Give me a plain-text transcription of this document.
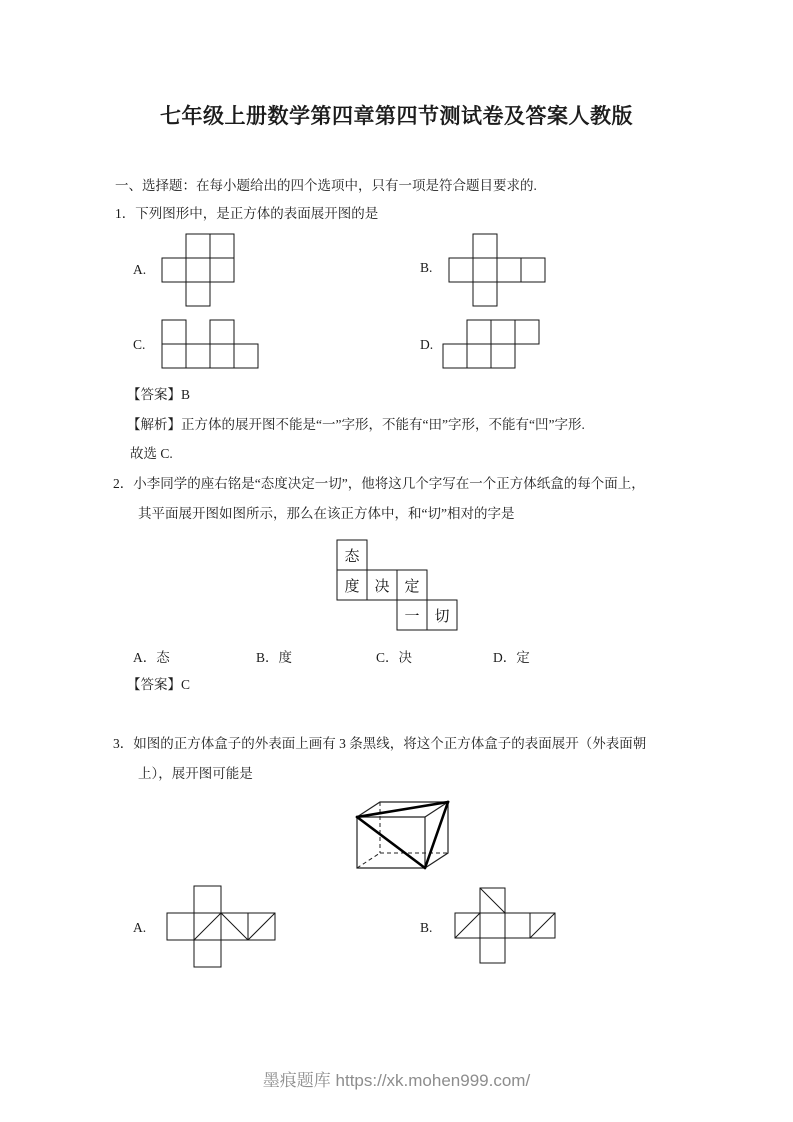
七年级上册数学第四章第四节测试卷及答案人教版
一、选择题：在每小题给出的四个选项中，只有一项是符合题目要求的.
1．下列图形中，是正方体的表面展开图的是
A.	B.
C.	D.
【答案】B
【解析】正方体的展开图不能是“一”字形，不能有“田”字形，不能有“凹”字形.
故选 C.
2．小李同学的座右铭是“态度决定一切”，他将这几个字写在一个正方体纸盒的每个面上，
其平面展开图如图所示，那么在该正方体中，和“切”相对的字是
态
度 决 定
一 切
A．态	B．度	C．决	D．定
【答案】C
3．如图的正方体盒子的外表面上画有 3 条黑线，将这个正方体盒子的表面展开（外表面朝
上），展开图可能是
A.	B.
墨痕题库 https://xk.mohen999.com/
